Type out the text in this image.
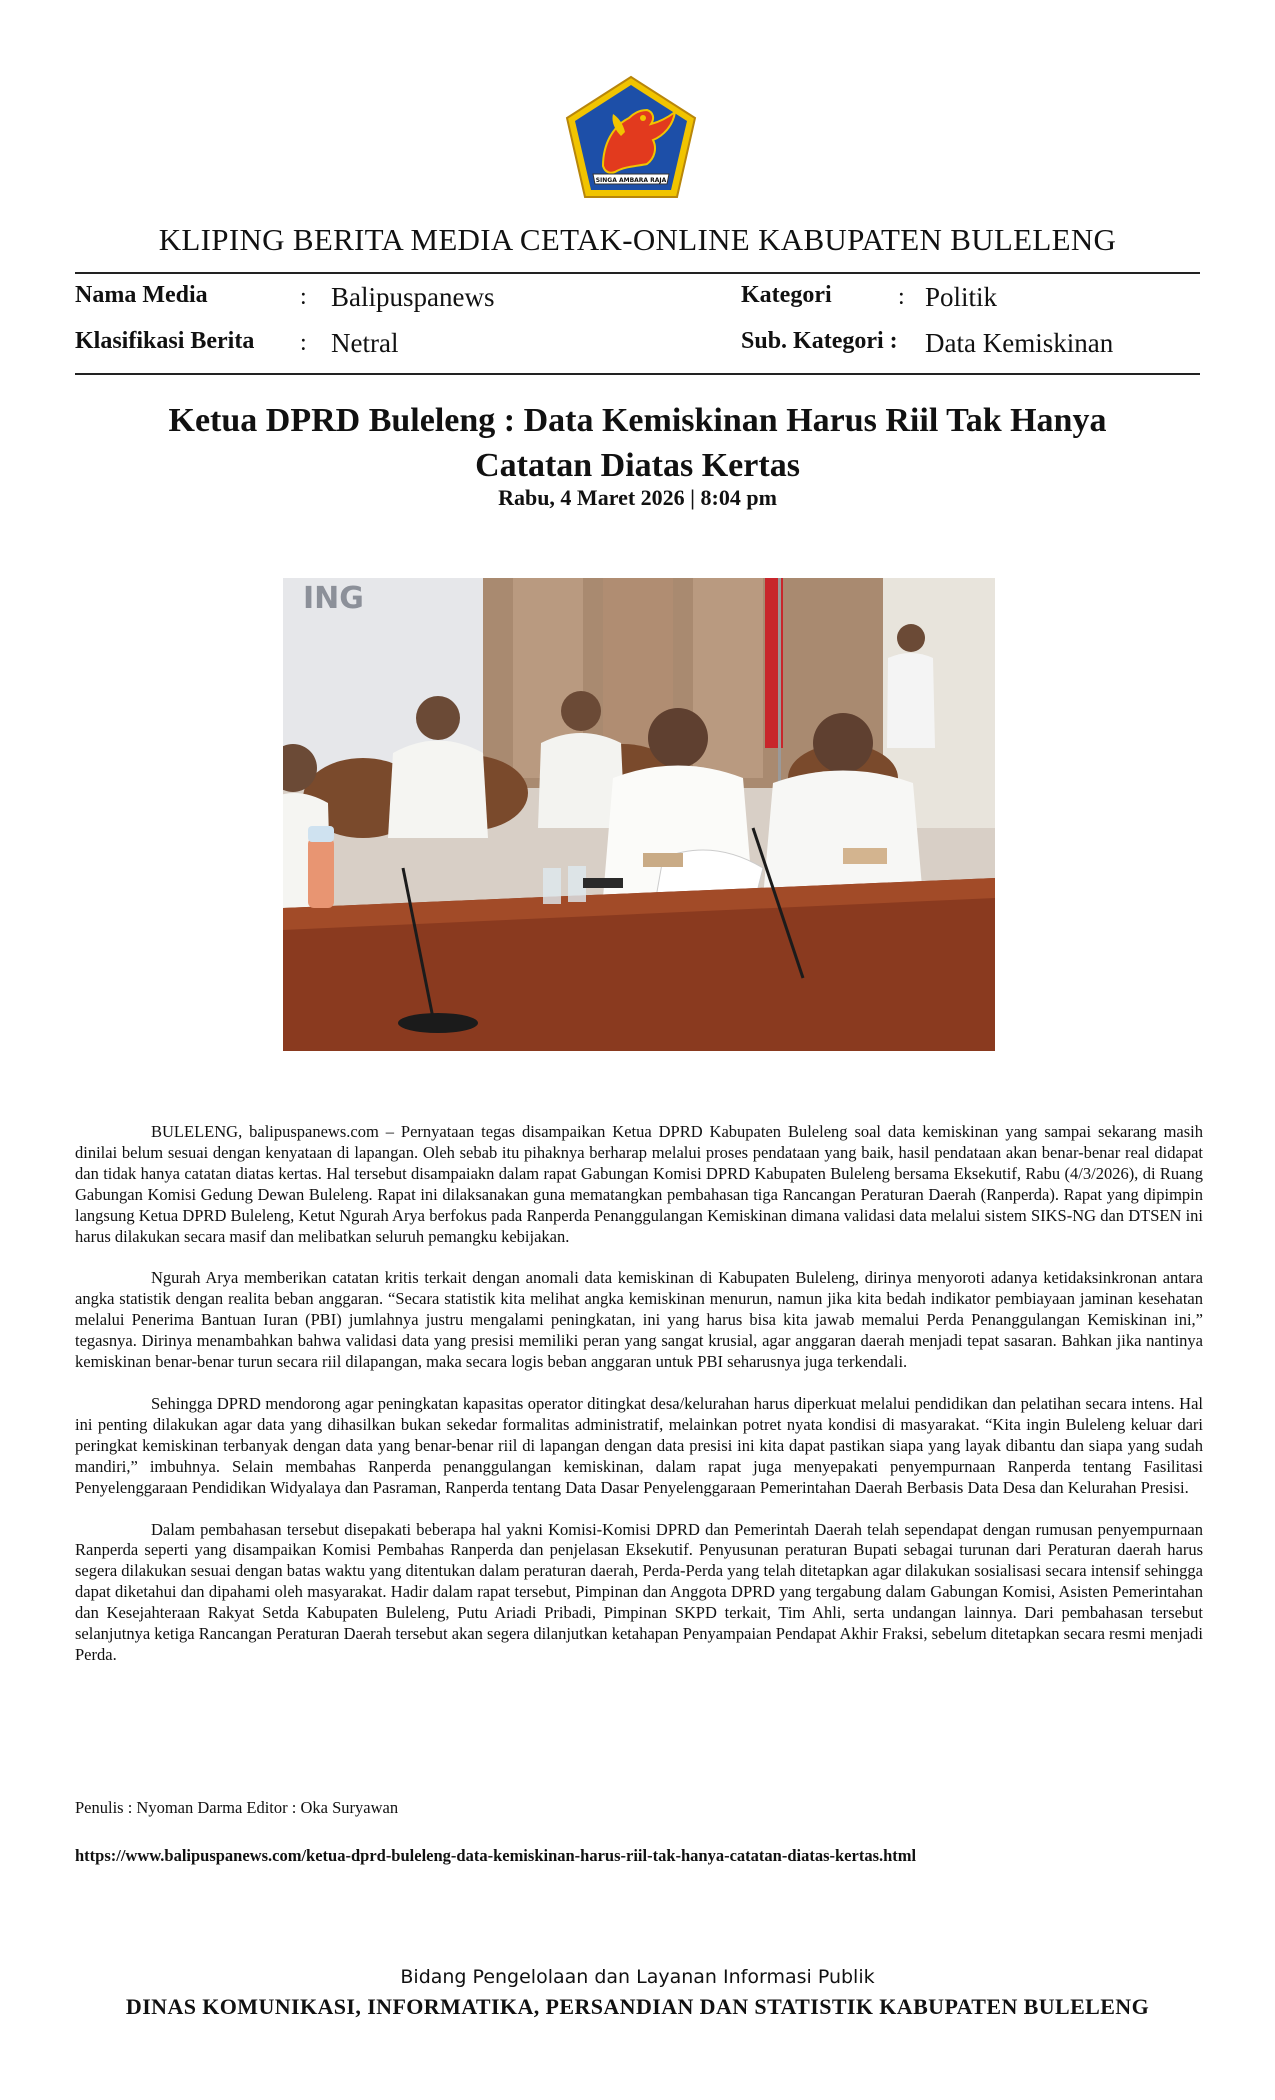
SINGA AMBARA RAJA
KLIPING BERITA MEDIA CETAK-ONLINE KABUPATEN BULELENG
Nama Media	: Balipuspanews	Kategori	: Politik
Klasifikasi Berita : Netral	Sub. Kategori : Data Kemiskinan
Ketua DPRD Buleleng : Data Kemiskinan Harus Riil Tak Hanya
Catatan Diatas Kertas
Rabu, 4 Maret 2026 | 8:04 pm
ING

BULELENG, balipuspanews.com – Pernyataan tegas disampaikan Ketua DPRD Kabupaten Buleleng soal data kemiskinan yang sampai sekarang masih dinilai belum sesuai dengan kenyataan di lapangan. Oleh sebab itu pihaknya berharap melalui proses pendataan yang baik, hasil pendataan akan benar-benar real didapat dan tidak hanya catatan diatas kertas. Hal tersebut disampaiakn dalam rapat Gabungan Komisi DPRD Kabupaten Buleleng bersama Eksekutif, Rabu (4/3/2026), di Ruang Gabungan Komisi Gedung Dewan Buleleng. Rapat ini dilaksanakan guna mematangkan pembahasan tiga Rancangan Peraturan Daerah (Ranperda). Rapat yang dipimpin langsung Ketua DPRD Buleleng, Ketut Ngurah Arya berfokus pada Ranperda Penanggulangan Kemiskinan dimana validasi data melalui sistem SIKS-NG dan DTSEN ini harus dilakukan secara masif dan melibatkan seluruh pemangku kebijakan.

Ngurah Arya memberikan catatan kritis terkait dengan anomali data kemiskinan di Kabupaten Buleleng, dirinya menyoroti adanya ketidaksinkronan antara angka statistik dengan realita beban anggaran. “Secara statistik kita melihat angka kemiskinan menurun, namun jika kita bedah indikator pembiayaan jaminan kesehatan melalui Penerima Bantuan Iuran (PBI) jumlahnya justru mengalami peningkatan, ini yang harus bisa kita jawab memalui Perda Penanggulangan Kemiskinan ini,” tegasnya. Dirinya menambahkan bahwa validasi data yang presisi memiliki peran yang sangat krusial, agar anggaran daerah menjadi tepat sasaran. Bahkan jika nantinya kemiskinan benar-benar turun secara riil dilapangan, maka secara logis beban anggaran untuk PBI seharusnya juga terkendali.

Sehingga DPRD mendorong agar peningkatan kapasitas operator ditingkat desa/kelurahan harus diperkuat melalui pendidikan dan pelatihan secara intens. Hal ini penting dilakukan agar data yang dihasilkan bukan sekedar formalitas administratif, melainkan potret nyata kondisi di masyarakat. “Kita ingin Buleleng keluar dari peringkat kemiskinan terbanyak dengan data yang benar-benar riil di lapangan dengan data presisi ini kita dapat pastikan siapa yang layak dibantu dan siapa yang sudah mandiri,” imbuhnya. Selain membahas Ranperda penanggulangan kemiskinan, dalam rapat juga menyepakati penyempurnaan Ranperda tentang Fasilitasi Penyelenggaraan Pendidikan Widyalaya dan Pasraman, Ranperda tentang Data Dasar Penyelenggaraan Pemerintahan Daerah Berbasis Data Desa dan Kelurahan Presisi.

Dalam pembahasan tersebut disepakati beberapa hal yakni Komisi-Komisi DPRD dan Pemerintah Daerah telah sependapat dengan rumusan penyempurnaan Ranperda seperti yang disampaikan Komisi Pembahas Ranperda dan penjelasan Eksekutif. Penyusunan peraturan Bupati sebagai turunan dari Peraturan daerah harus segera dilakukan sesuai dengan batas waktu yang ditentukan dalam peraturan daerah, Perda-Perda yang telah ditetapkan agar dilakukan sosialisasi secara intensif sehingga dapat diketahui dan dipahami oleh masyarakat. Hadir dalam rapat tersebut, Pimpinan dan Anggota DPRD yang tergabung dalam Gabungan Komisi, Asisten Pemerintahan dan Kesejahteraan Rakyat Setda Kabupaten Buleleng, Putu Ariadi Pribadi, Pimpinan SKPD terkait, Tim Ahli, serta undangan lainnya. Dari pembahasan tersebut selanjutnya ketiga Rancangan Peraturan Daerah tersebut akan segera dilanjutkan ketahapan Penyampaian Pendapat Akhir Fraksi, sebelum ditetapkan secara resmi menjadi Perda.

Penulis : Nyoman Darma Editor : Oka Suryawan
https://www.balipuspanews.com/ketua-dprd-buleleng-data-kemiskinan-harus-riil-tak-hanya-catatan-diatas-kertas.html
Bidang Pengelolaan dan Layanan Informasi Publik
DINAS KOMUNIKASI, INFORMATIKA, PERSANDIAN DAN STATISTIK KABUPATEN BULELENG
